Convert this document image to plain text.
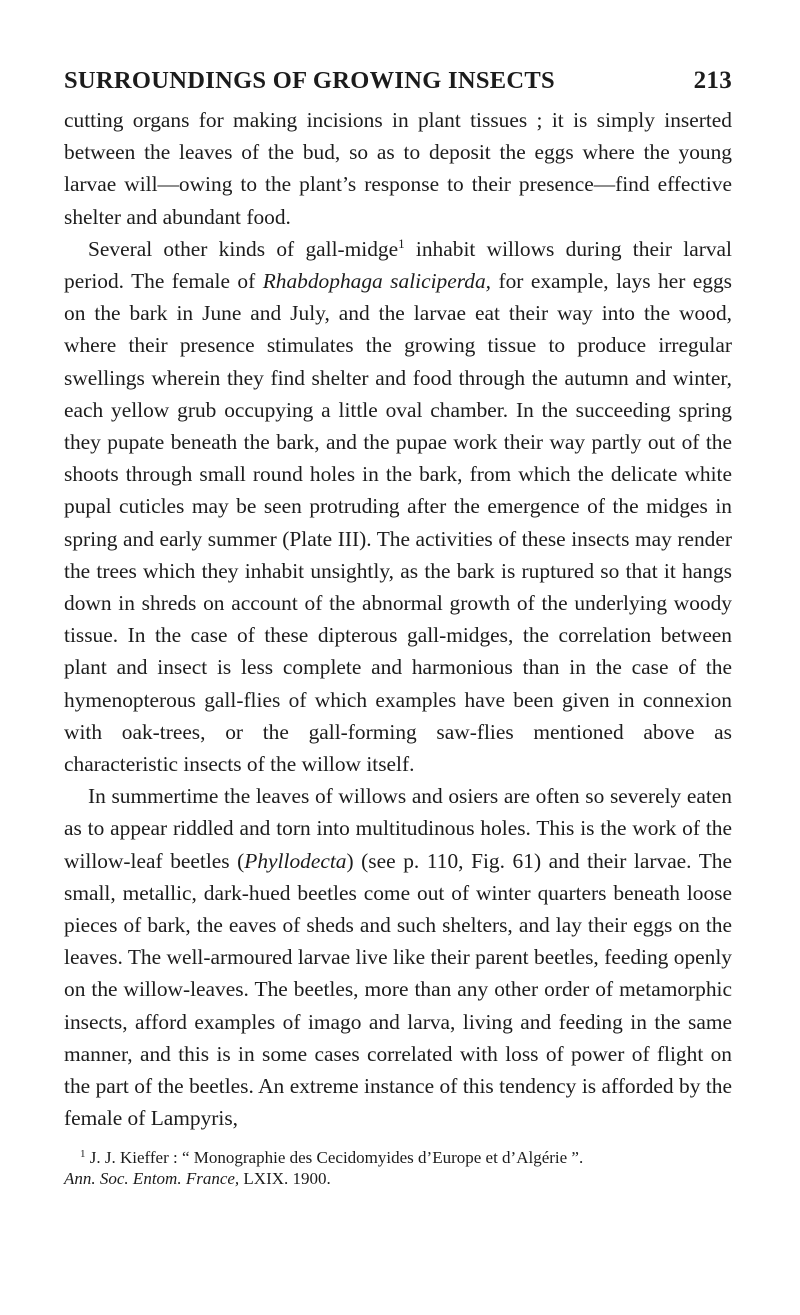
SURROUNDINGS OF GROWING INSECTS	213

cutting organs for making incisions in plant tissues ; it is simply inserted between the leaves of the bud, so as to deposit the eggs where the young larvae will—owing to the plant’s response to their presence—find effective shelter and abundant food.

Several other kinds of gall-midge$^1$ inhabit willows during their larval period. The female of Rhabdophaga saliciperda, for example, lays her eggs on the bark in June and July, and the larvae eat their way into the wood, where their presence stimulates the growing tissue to produce irregular swellings wherein they find shelter and food through the autumn and winter, each yellow grub occupying a little oval chamber. In the succeeding spring they pupate beneath the bark, and the pupae work their way partly out of the shoots through small round holes in the bark, from which the delicate white pupal cuticles may be seen protruding after the emergence of the midges in spring and early summer (Plate III). The activities of these insects may render the trees which they inhabit unsightly, as the bark is ruptured so that it hangs down in shreds on account of the abnormal growth of the underlying woody tissue. In the case of these dipterous gall-midges, the correlation between plant and insect is less complete and harmonious than in the case of the hymenopterous gall-flies of which examples have been given in connexion with oak-trees, or the gall-forming saw-flies mentioned above as characteristic insects of the willow itself.

In summertime the leaves of willows and osiers are often so severely eaten as to appear riddled and torn into multitudinous holes. This is the work of the willow-leaf beetles (Phyllodecta) (see p. 110, Fig. 61) and their larvae. The small, metallic, dark-hued beetles come out of winter quarters beneath loose pieces of bark, the eaves of sheds and such shelters, and lay their eggs on the leaves. The well-armoured larvae live like their parent beetles, feeding openly on the willow-leaves. The beetles, more than any other order of metamorphic insects, afford examples of imago and larva, living and feeding in the same manner, and this is in some cases correlated with loss of power of flight on the part of the beetles. An extreme instance of this tendency is afforded by the female of Lampyris,

$^1$ J. J. Kieffer : “ Monographie des Cecidomyides d’Europe et d’Algérie ”.
Ann. Soc. Entom. France, LXIX. 1900.
